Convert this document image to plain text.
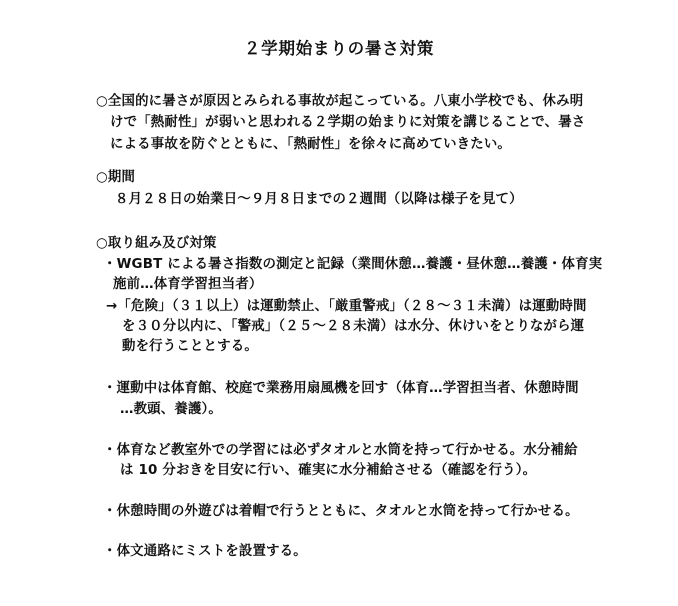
２学期始まりの暑さ対策
○全国的に暑さが原因とみられる事故が起こっている。八東小学校でも、休み明
けで「熱耐性」が弱いと思われる２学期の始まりに対策を講じることで、暑さ
による事故を防ぐとともに、「熱耐性」を徐々に高めていきたい。
○期間
８月２８日の始業日～９月８日までの２週間（以降は様子を見て）
○取り組み及び対策
・WGBT による暑さ指数の測定と記録（業間休憩…養護・昼休憩…養護・体育実
施前…体育学習担当者）
→「危険」（３１以上）は運動禁止、「厳重警戒」（２８～３１未満）は運動時間
を３０分以内に、「警戒」（２５～２８未満）は水分、休けいをとりながら運
動を行うこととする。
・運動中は体育館、校庭で業務用扇風機を回す（体育…学習担当者、休憩時間
…教頭、養護）。
・体育など教室外での学習には必ずタオルと水筒を持って行かせる。水分補給
は 10 分おきを目安に行い、確実に水分補給させる（確認を行う）。
・休憩時間の外遊びは着帽で行うとともに、タオルと水筒を持って行かせる。
・体文通路にミストを設置する。
